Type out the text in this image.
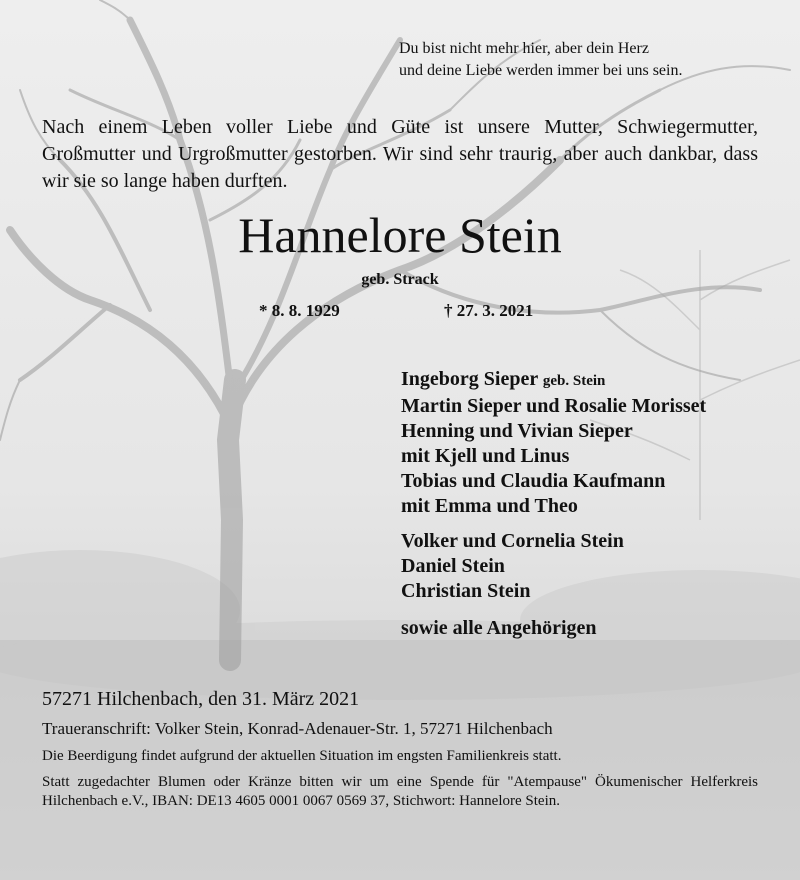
Du bist nicht mehr hier, aber dein Herz
und deine Liebe werden immer bei uns sein.

Nach einem Leben voller Liebe und Güte ist unsere Mutter, Schwiegermutter, Großmutter und Urgroßmutter gestorben. Wir sind sehr traurig, aber auch dankbar, dass wir sie so lange haben durften.

Hannelore Stein

geb. Strack

* 8. 8. 1929	† 27. 3. 2021

Ingeborg Sieper geb. Stein
Martin Sieper und Rosalie Morisset
Henning und Vivian Sieper
mit Kjell und Linus
Tobias und Claudia Kaufmann
mit Emma und Theo
Volker und Cornelia Stein
Daniel Stein
Christian Stein
sowie alle Angehörigen

57271 Hilchenbach, den 31. März 2021

Traueranschrift: Volker Stein, Konrad-Adenauer-Str. 1, 57271 Hilchenbach

Die Beerdigung findet aufgrund der aktuellen Situation im engsten Familienkreis statt.

Statt zugedachter Blumen oder Kränze bitten wir um eine Spende für "Atempause" Ökumenischer Helferkreis Hilchenbach e.V., IBAN: DE13 4605 0001 0067 0569 37, Stichwort: Hannelore Stein.
